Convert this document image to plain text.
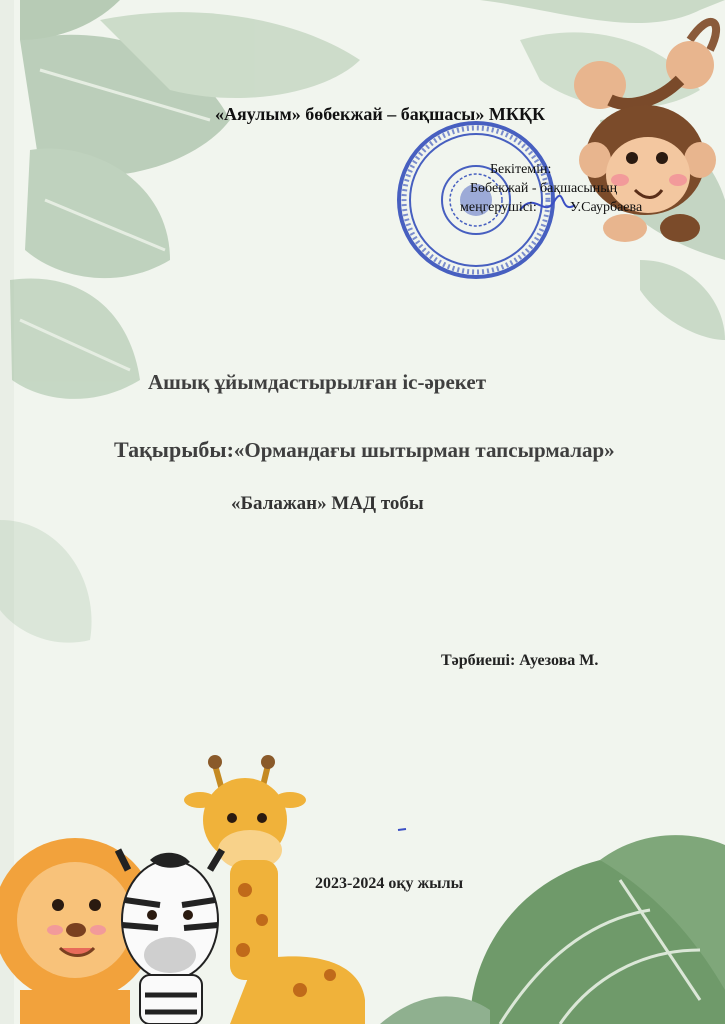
«Аяулым» бөбекжай – бақшасы» МКҚК
Бекітемін:
Бөбекжай - бақшасының
меңгерушісі: У.Саурбаева
Ашық ұйымдастырылған іс-әрекет
Тақырыбы:«Ормандағы шытырман тапсырмалар»
«Балажан» МАД тобы
Тәрбиеші: Ауезова М.
2023-2024 оқу жылы
